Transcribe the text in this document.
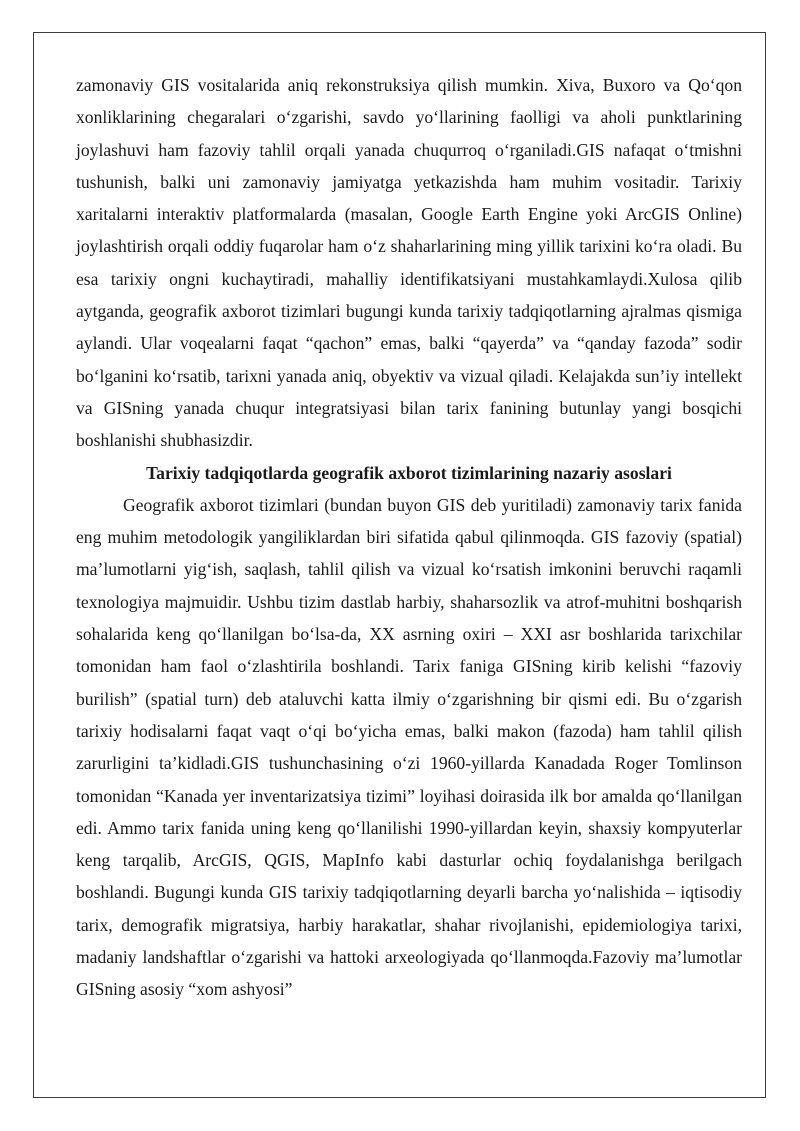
zamonaviy GIS vositalarida aniq rekonstruksiya qilish mumkin. Xiva, Buxoro va Qo‘qon xonliklarining chegaralari o‘zgarishi, savdo yo‘llarining faolligi va aholi punktlarining joylashuvi ham fazoviy tahlil orqali yanada chuqurroq o‘rganiladi.GIS nafaqat o‘tmishni tushunish, balki uni zamonaviy jamiyatga yetkazishda ham muhim vositadir. Tarixiy xaritalarni interaktiv platformalarda (masalan, Google Earth Engine yoki ArcGIS Online) joylashtirish orqali oddiy fuqarolar ham o‘z shaharlarining ming yillik tarixini ko‘ra oladi. Bu esa tarixiy ongni kuchaytiradi, mahalliy identifikatsiyani mustahkamlaydi.Xulosa qilib aytganda, geografik axborot tizimlari bugungi kunda tarixiy tadqiqotlarning ajralmas qismiga aylandi. Ular voqealarni faqat “qachon” emas, balki “qayerda” va “qanday fazoda” sodir bo‘lganini ko‘rsatib, tarixni yanada aniq, obyektiv va vizual qiladi. Kelajakda sun’iy intellekt va GISning yanada chuqur integratsiyasi bilan tarix fanining butunlay yangi bosqichi boshlanishi shubhasizdir.

Tarixiy tadqiqotlarda geografik axborot tizimlarining nazariy asoslari

Geografik axborot tizimlari (bundan buyon GIS deb yuritiladi) zamonaviy tarix fanida eng muhim metodologik yangiliklardan biri sifatida qabul qilinmoqda. GIS fazoviy (spatial) ma’lumotlarni yig‘ish, saqlash, tahlil qilish va vizual ko‘rsatish imkonini beruvchi raqamli texnologiya majmuidir. Ushbu tizim dastlab harbiy, shaharsozlik va atrof-muhitni boshqarish sohalarida keng qo‘llanilgan bo‘lsa-da, XX asrning oxiri – XXI asr boshlarida tarixchilar tomonidan ham faol o‘zlashtirila boshlandi. Tarix faniga GISning kirib kelishi “fazoviy burilish” (spatial turn) deb ataluvchi katta ilmiy o‘zgarishning bir qismi edi. Bu o‘zgarish tarixiy hodisalarni faqat vaqt o‘qi bo‘yicha emas, balki makon (fazoda) ham tahlil qilish zarurligini ta’kidladi.GIS tushunchasining o‘zi 1960-yillarda Kanadada Roger Tomlinson tomonidan “Kanada yer inventarizatsiya tizimi” loyihasi doirasida ilk bor amalda qo‘llanilgan edi. Ammo tarix fanida uning keng qo‘llanilishi 1990-yillardan keyin, shaxsiy kompyuterlar keng tarqalib, ArcGIS, QGIS, MapInfo kabi dasturlar ochiq foydalanishga berilgach boshlandi. Bugungi kunda GIS tarixiy tadqiqotlarning deyarli barcha yo‘nalishida – iqtisodiy tarix, demografik migratsiya, harbiy harakatlar, shahar rivojlanishi, epidemiologiya tarixi, madaniy landshaftlar o‘zgarishi va hattoki arxeologiyada qo‘llanmoqda.Fazoviy ma’lumotlar GISning asosiy “xom ashyosi”
